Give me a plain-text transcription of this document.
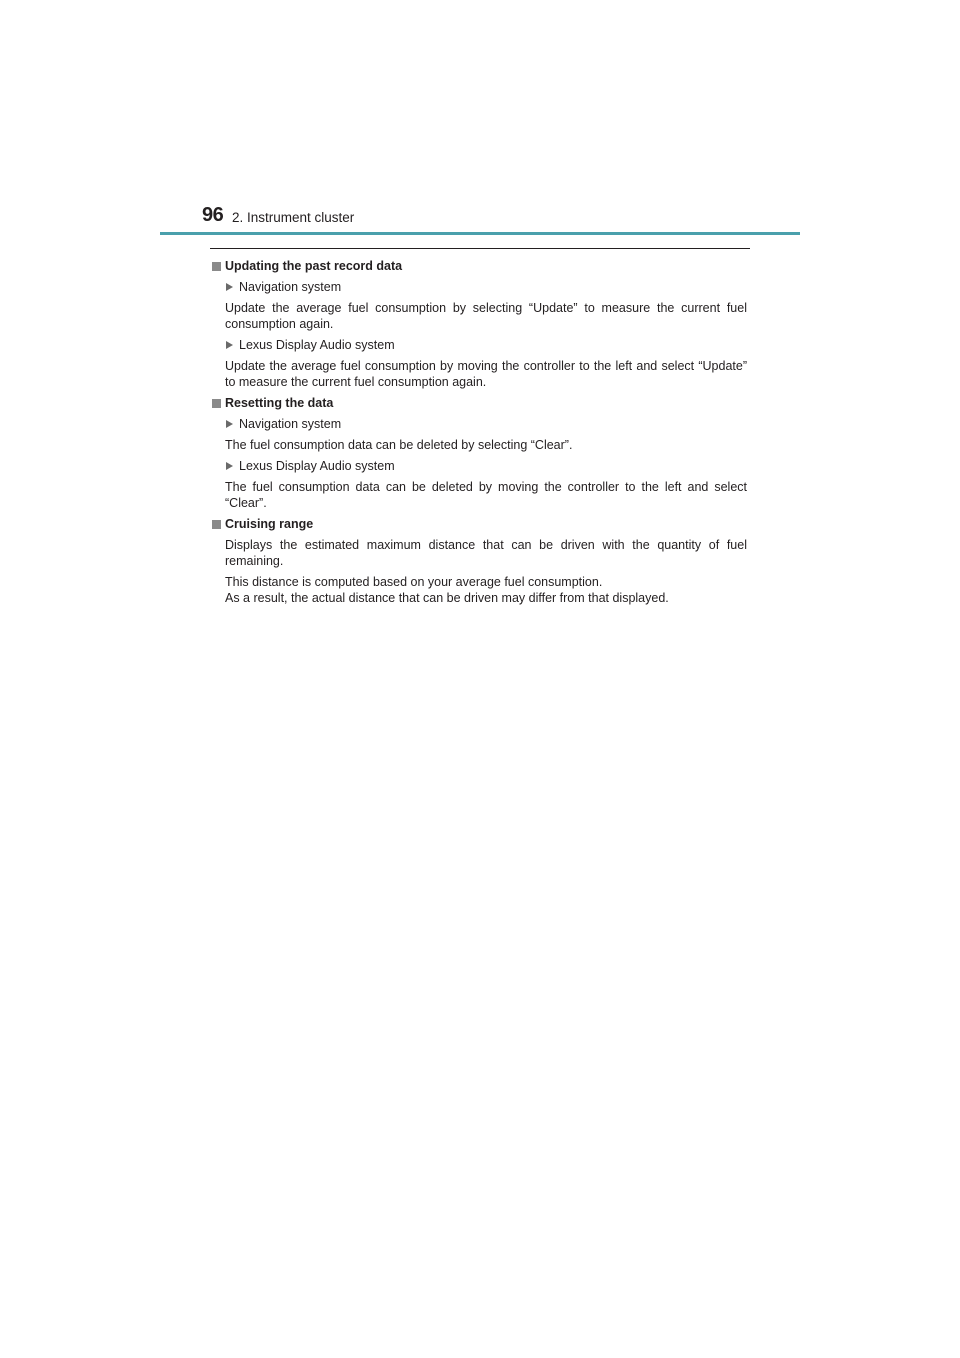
96 2. Instrument cluster
Updating the past record data
Navigation system

Update the average fuel consumption by selecting “Update” to measure the current fuel consumption again.

Lexus Display Audio system

Update the average fuel consumption by moving the controller to the left and select “Update” to measure the current fuel consumption again.

Resetting the data
Navigation system

The fuel consumption data can be deleted by selecting “Clear”.

Lexus Display Audio system

The fuel consumption data can be deleted by moving the controller to the left and select “Clear”.

Cruising range

Displays the estimated maximum distance that can be driven with the quantity of fuel remaining.

This distance is computed based on your average fuel consumption.

As a result, the actual distance that can be driven may differ from that displayed.
